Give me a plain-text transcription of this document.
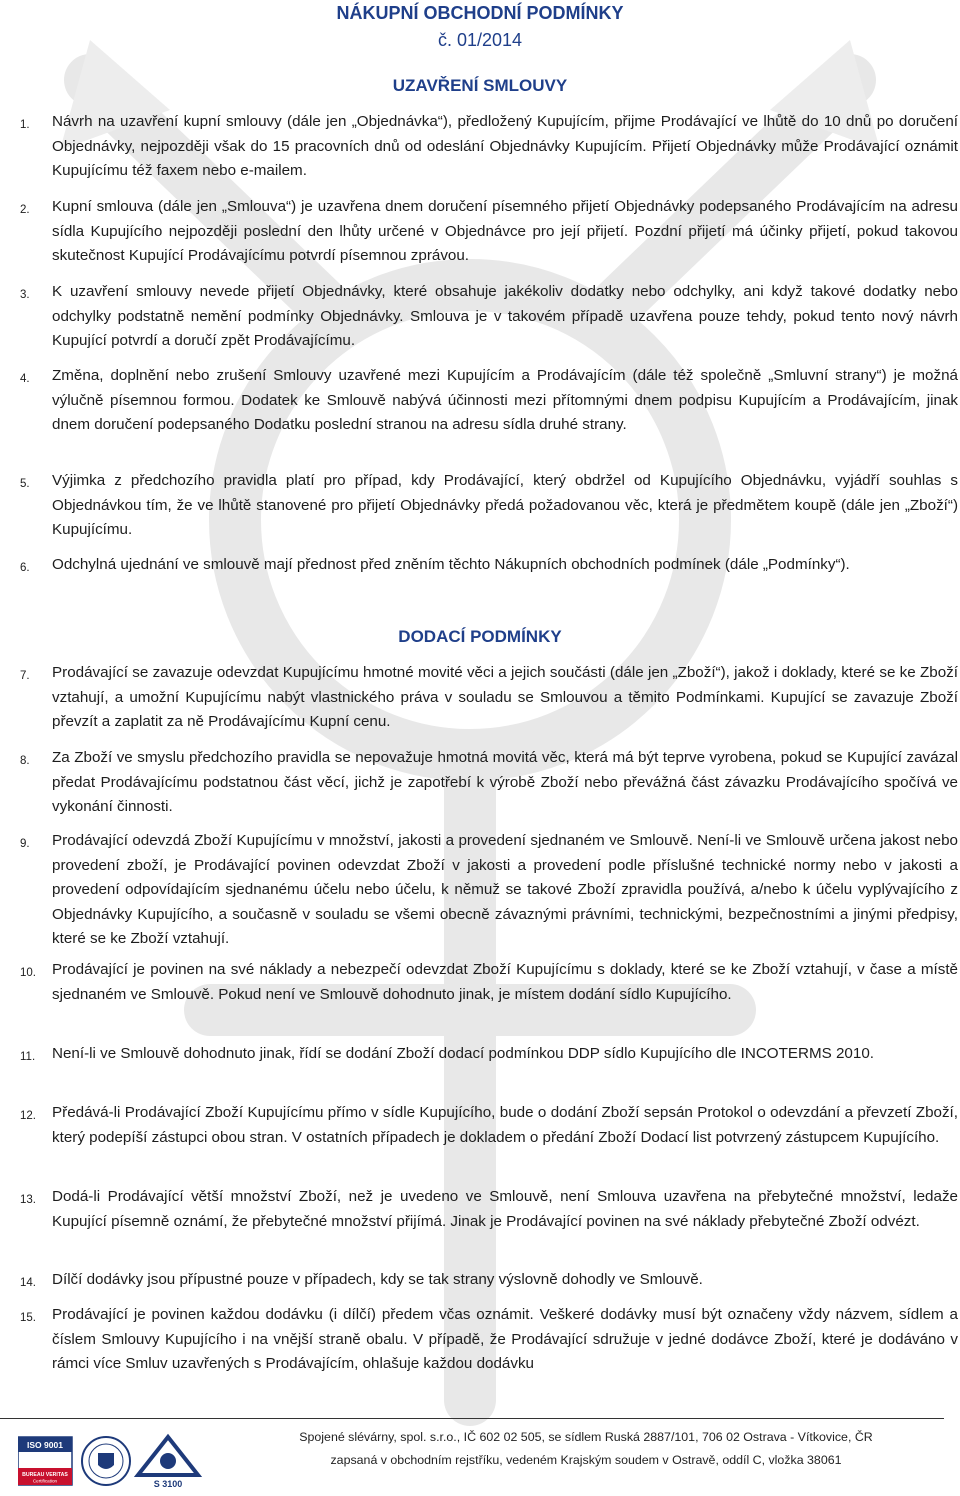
NÁKUPNÍ OBCHODNÍ PODMÍNKY
č. 01/2014
UZAVŘENÍ SMLOUVY
1.	Návrh na uzavření kupní smlouvy (dále jen „Objednávka“), předložený Kupujícím, přijme Prodávající ve lhůtě do 10 dnů po doručení Objednávky, nejpozději však do 15 pracovních dnů od odeslání Objednávky Kupujícím. Přijetí Objednávky může Prodávající oznámit Kupujícímu též faxem nebo e-mailem.
2.	Kupní smlouva (dále jen „Smlouva“) je uzavřena dnem doručení písemného přijetí Objednávky podepsaného Prodávajícím na adresu sídla Kupujícího nejpozději poslední den lhůty určené v Objednávce pro její přijetí. Pozdní přijetí má účinky přijetí, pokud takovou skutečnost Kupující Prodávajícímu potvrdí písemnou zprávou.
3.	K uzavření smlouvy nevede přijetí Objednávky, které obsahuje jakékoliv dodatky nebo odchylky, ani když takové dodatky nebo odchylky podstatně nemění podmínky Objednávky. Smlouva je v takovém případě uzavřena pouze tehdy, pokud tento nový návrh Kupující potvrdí a doručí zpět Prodávajícímu.
4.	Změna, doplnění nebo zrušení Smlouvy uzavřené mezi Kupujícím a Prodávajícím (dále též společně „Smluvní strany“) je možná výlučně písemnou formou. Dodatek ke Smlouvě nabývá účinnosti mezi přítomnými dnem podpisu Kupujícím a Prodávajícím, jinak dnem doručení podepsaného Dodatku poslední stranou na adresu sídla druhé strany.
5.	Výjimka z předchozího pravidla platí pro případ, kdy Prodávající, který obdržel od Kupujícího Objednávku, vyjádří souhlas s Objednávkou tím, že ve lhůtě stanovené pro přijetí Objednávky předá požadovanou věc, která je předmětem koupě (dále jen „Zboží“) Kupujícímu.
6.	Odchylná ujednání ve smlouvě mají přednost před zněním těchto Nákupních obchodních podmínek (dále „Podmínky“).
DODACÍ PODMÍNKY
7.	Prodávající se zavazuje odevzdat Kupujícímu hmotné movité věci a jejich součásti (dále jen „Zboží“), jakož i doklady, které se ke Zboží vztahují, a umožní Kupujícímu nabýt vlastnického práva v souladu se Smlouvou a těmito Podmínkami. Kupující se zavazuje Zboží převzít a zaplatit za ně Prodávajícímu Kupní cenu.
8.	Za Zboží ve smyslu předchozího pravidla se nepovažuje hmotná movitá věc, která má být teprve vyrobena, pokud se Kupující zavázal předat Prodávajícímu podstatnou část věcí, jichž je zapotřebí k výrobě Zboží nebo převážná část závazku Prodávajícího spočívá ve vykonání činnosti.
9.	Prodávající odevzdá Zboží Kupujícímu v množství, jakosti a provedení sjednaném ve Smlouvě. Není-li ve Smlouvě určena jakost nebo provedení zboží, je Prodávající povinen odevzdat Zboží v jakosti a provedení podle příslušné technické normy nebo v jakosti a provedení odpovídajícím sjednanému účelu nebo účelu, k němuž se takové Zboží zpravidla používá, a/nebo k účelu vyplývajícího z Objednávky Kupujícího, a současně v souladu se všemi obecně závaznými právními, technickými, bezpečnostními a jinými předpisy, které se ke Zboží vztahují.
10.	Prodávající je povinen na své náklady a nebezpečí odevzdat Zboží Kupujícímu s doklady, které se ke Zboží vztahují, v čase a místě sjednaném ve Smlouvě. Pokud není ve Smlouvě dohodnuto jinak, je místem dodání sídlo Kupujícího.
11.	Není-li ve Smlouvě dohodnuto jinak, řídí se dodání Zboží dodací podmínkou DDP sídlo Kupujícího dle INCOTERMS 2010.
12.	Předává-li Prodávající Zboží Kupujícímu přímo v sídle Kupujícího, bude o dodání Zboží sepsán Protokol o odevzdání a převzetí Zboží, který podepíší zástupci obou stran. V ostatních případech je dokladem o předání Zboží Dodací list potvrzený zástupcem Kupujícího.
13.	Dodá-li Prodávající větší množství Zboží, než je uvedeno ve Smlouvě, není Smlouva uzavřena na přebytečné množství, ledaže Kupující písemně oznámí, že přebytečné množství přijímá. Jinak je Prodávající povinen na své náklady přebytečné Zboží odvézt.
14.	Dílčí dodávky jsou přípustné pouze v případech, kdy se tak strany výslovně dohodly ve Smlouvě.
15.	Prodávající je povinen každou dodávku (i dílčí) předem včas oznámit. Veškeré dodávky musí být označeny vždy názvem, sídlem a číslem Smlouvy Kupujícího i na vnější straně obalu. V případě, že Prodávající sdružuje v jedné dodávce Zboží, které je dodáváno v rámci více Smluv uzavřených s Prodávajícím, ohlašuje každou dodávku
ISO 9001
BUREAU VERITAS
Certification	S 3100
Spojené slévárny, spol. s.r.o., IČ 602 02 505, se sídlem Ruská 2887/101, 706 02 Ostrava - Vítkovice, ČR
zapsaná v obchodním rejstříku, vedeném Krajským soudem v Ostravě, oddíl C, vložka 38061
